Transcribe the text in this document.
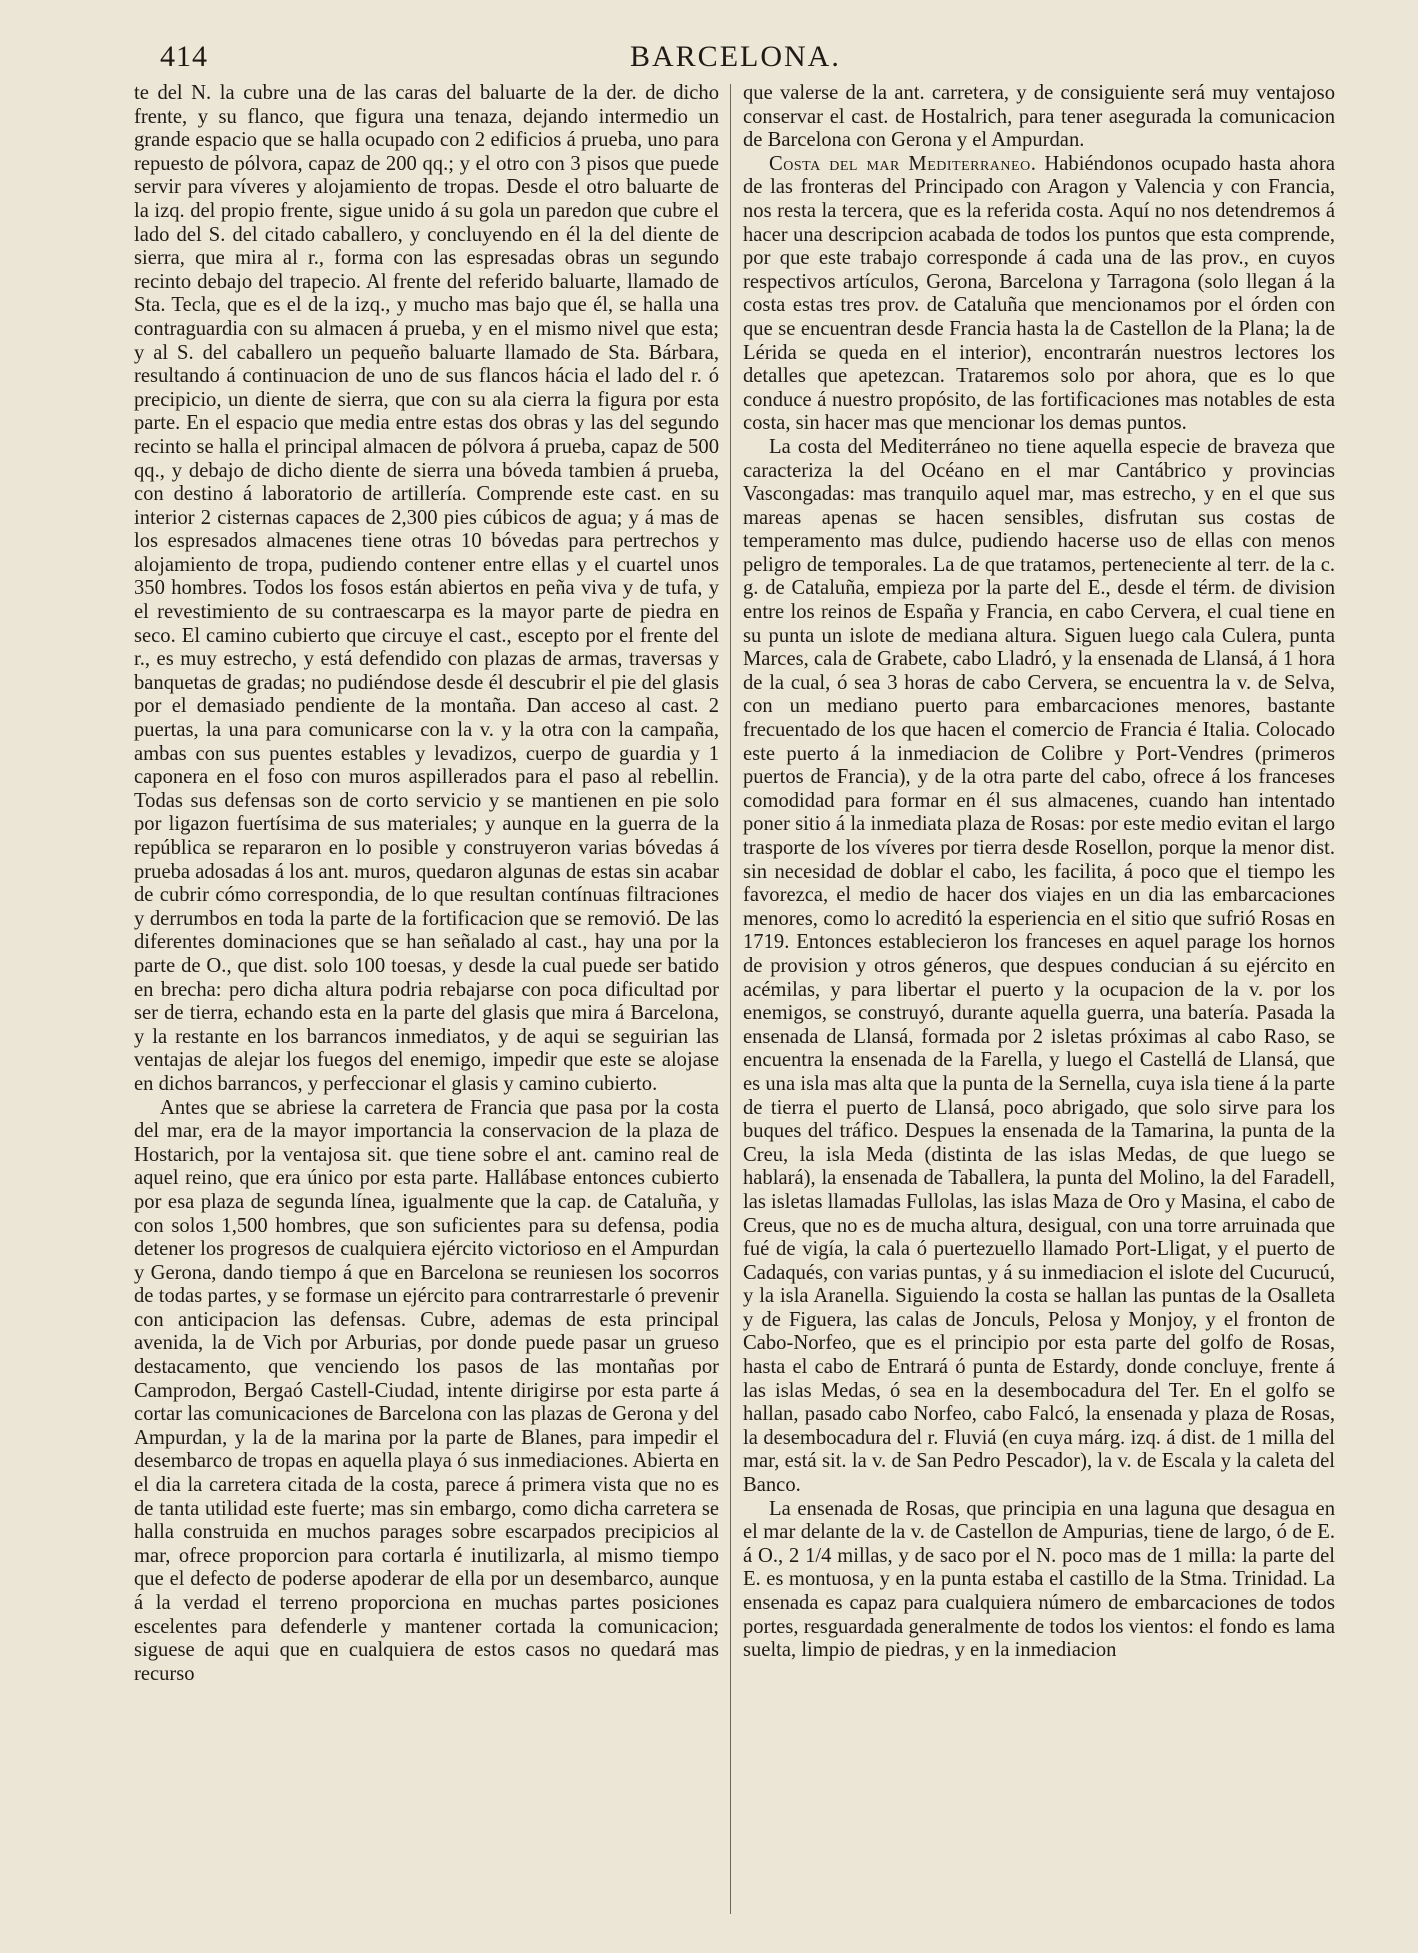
414	BARCELONA.

te del N. la cubre una de las caras del baluarte de la der. de dicho frente, y su flanco, que figura una tenaza, dejando intermedio un grande espacio que se halla ocupado con 2 edificios á prueba, uno para repuesto de pólvora, capaz de 200 qq.; y el otro con 3 pisos que puede servir para víveres y alojamiento de tropas. Desde el otro baluarte de la izq. del propio frente, sigue unido á su gola un paredon que cubre el lado del S. del citado caballero, y concluyendo en él la del diente de sierra, que mira al r., forma con las espresadas obras un segundo recinto debajo del trapecio. Al frente del referido baluarte, llamado de Sta. Tecla, que es el de la izq., y mucho mas bajo que él, se halla una contraguardia con su almacen á prueba, y en el mismo nivel que esta; y al S. del caballero un pequeño baluarte llamado de Sta. Bárbara, resultando á continuacion de uno de sus flancos hácia el lado del r. ó precipicio, un diente de sierra, que con su ala cierra la figura por esta parte. En el espacio que media entre estas dos obras y las del segundo recinto se halla el principal almacen de pólvora á prueba, capaz de 500 qq., y debajo de dicho diente de sierra una bóveda tambien á prueba, con destino á laboratorio de artillería. Comprende este cast. en su interior 2 cisternas capaces de 2,300 pies cúbicos de agua; y á mas de los espresados almacenes tiene otras 10 bóvedas para pertrechos y alojamiento de tropa, pudiendo contener entre ellas y el cuartel unos 350 hombres. Todos los fosos están abiertos en peña viva y de tufa, y el revestimiento de su contraescarpa es la mayor parte de piedra en seco. El camino cubierto que circuye el cast., escepto por el frente del r., es muy estrecho, y está defendido con plazas de armas, traversas y banquetas de gradas; no pudiéndose desde él descubrir el pie del glasis por el demasiado pendiente de la montaña. Dan acceso al cast. 2 puertas, la una para comunicarse con la v. y la otra con la campaña, ambas con sus puentes estables y levadizos, cuerpo de guardia y 1 caponera en el foso con muros aspillerados para el paso al rebellin. Todas sus defensas son de corto servicio y se mantienen en pie solo por ligazon fuertísima de sus materiales; y aunque en la guerra de la república se repararon en lo posible y construyeron varias bóvedas á prueba adosadas á los ant. muros, quedaron algunas de estas sin acabar de cubrir cómo correspondia, de lo que resultan contínuas filtraciones y derrumbos en toda la parte de la fortificacion que se removió. De las diferentes dominaciones que se han señalado al cast., hay una por la parte de O., que dist. solo 100 toesas, y desde la cual puede ser batido en brecha: pero dicha altura podria rebajarse con poca dificultad por ser de tierra, echando esta en la parte del glasis que mira á Barcelona, y la restante en los barrancos inmediatos, y de aqui se seguirian las ventajas de alejar los fuegos del enemigo, impedir que este se alojase en dichos barrancos, y perfeccionar el glasis y camino cubierto.

Antes que se abriese la carretera de Francia que pasa por la costa del mar, era de la mayor importancia la conservacion de la plaza de Hostarich, por la ventajosa sit. que tiene sobre el ant. camino real de aquel reino, que era único por esta parte. Hallábase entonces cubierto por esa plaza de segunda línea, igualmente que la cap. de Cataluña, y con solos 1,500 hombres, que son suficientes para su defensa, podia detener los progresos de cualquiera ejército victorioso en el Ampurdan y Gerona, dando tiempo á que en Barcelona se reuniesen los socorros de todas partes, y se formase un ejército para contrarrestarle ó prevenir con anticipacion las defensas. Cubre, ademas de esta principal avenida, la de Vich por Arburias, por donde puede pasar un grueso destacamento, que venciendo los pasos de las montañas por Camprodon, Bergaó Castell-Ciudad, intente dirigirse por esta parte á cortar las comunicaciones de Barcelona con las plazas de Gerona y del Ampurdan, y la de la marina por la parte de Blanes, para impedir el desembarco de tropas en aquella playa ó sus inmediaciones. Abierta en el dia la carretera citada de la costa, parece á primera vista que no es de tanta utilidad este fuerte; mas sin embargo, como dicha carretera se halla construida en muchos parages sobre escarpados precipicios al mar, ofrece proporcion para cortarla é inutilizarla, al mismo tiempo que el defecto de poderse apoderar de ella por un desembarco, aunque á la verdad el terreno proporciona en muchas partes posiciones escelentes para defenderle y mantener cortada la comunicacion; siguese de aqui que en cualquiera de estos casos no quedará mas recurso

que valerse de la ant. carretera, y de consiguiente será muy ventajoso conservar el cast. de Hostalrich, para tener asegurada la comunicacion de Barcelona con Gerona y el Ampurdan.

Costa del mar Mediterraneo. Habiéndonos ocupado hasta ahora de las fronteras del Principado con Aragon y Valencia y con Francia, nos resta la tercera, que es la referida costa. Aquí no nos detendremos á hacer una descripcion acabada de todos los puntos que esta comprende, por que este trabajo corresponde á cada una de las prov., en cuyos respectivos artículos, Gerona, Barcelona y Tarragona (solo llegan á la costa estas tres prov. de Cataluña que mencionamos por el órden con que se encuentran desde Francia hasta la de Castellon de la Plana; la de Lérida se queda en el interior), encontrarán nuestros lectores los detalles que apetezcan. Trataremos solo por ahora, que es lo que conduce á nuestro propósito, de las fortificaciones mas notables de esta costa, sin hacer mas que mencionar los demas puntos.

La costa del Mediterráneo no tiene aquella especie de braveza que caracteriza la del Océano en el mar Cantábrico y provincias Vascongadas: mas tranquilo aquel mar, mas estrecho, y en el que sus mareas apenas se hacen sensibles, disfrutan sus costas de temperamento mas dulce, pudiendo hacerse uso de ellas con menos peligro de temporales. La de que tratamos, perteneciente al terr. de la c. g. de Cataluña, empieza por la parte del E., desde el térm. de division entre los reinos de España y Francia, en cabo Cervera, el cual tiene en su punta un islote de mediana altura. Siguen luego cala Culera, punta Marces, cala de Grabete, cabo Lladró, y la ensenada de Llansá, á 1 hora de la cual, ó sea 3 horas de cabo Cervera, se encuentra la v. de Selva, con un mediano puerto para embarcaciones menores, bastante frecuentado de los que hacen el comercio de Francia é Italia. Colocado este puerto á la inmediacion de Colibre y Port-Vendres (primeros puertos de Francia), y de la otra parte del cabo, ofrece á los franceses comodidad para formar en él sus almacenes, cuando han intentado poner sitio á la inmediata plaza de Rosas: por este medio evitan el largo trasporte de los víveres por tierra desde Rosellon, porque la menor dist. sin necesidad de doblar el cabo, les facilita, á poco que el tiempo les favorezca, el medio de hacer dos viajes en un dia las embarcaciones menores, como lo acreditó la esperiencia en el sitio que sufrió Rosas en 1719. Entonces establecieron los franceses en aquel parage los hornos de provision y otros géneros, que despues conducian á su ejército en acémilas, y para libertar el puerto y la ocupacion de la v. por los enemigos, se construyó, durante aquella guerra, una batería. Pasada la ensenada de Llansá, formada por 2 isletas próximas al cabo Raso, se encuentra la ensenada de la Farella, y luego el Castellá de Llansá, que es una isla mas alta que la punta de la Sernella, cuya isla tiene á la parte de tierra el puerto de Llansá, poco abrigado, que solo sirve para los buques del tráfico. Despues la ensenada de la Tamarina, la punta de la Creu, la isla Meda (distinta de las islas Medas, de que luego se hablará), la ensenada de Taballera, la punta del Molino, la del Faradell, las isletas llamadas Fullolas, las islas Maza de Oro y Masina, el cabo de Creus, que no es de mucha altura, desigual, con una torre arruinada que fué de vigía, la cala ó puertezuello llamado Port-Lligat, y el puerto de Cadaqués, con varias puntas, y á su inmediacion el islote del Cucurucú, y la isla Aranella. Siguiendo la costa se hallan las puntas de la Osalleta y de Figuera, las calas de Jonculs, Pelosa y Monjoy, y el fronton de Cabo-Norfeo, que es el principio por esta parte del golfo de Rosas, hasta el cabo de Entrará ó punta de Estardy, donde concluye, frente á las islas Medas, ó sea en la desembocadura del Ter. En el golfo se hallan, pasado cabo Norfeo, cabo Falcó, la ensenada y plaza de Rosas, la desembocadura del r. Fluviá (en cuya márg. izq. á dist. de 1 milla del mar, está sit. la v. de San Pedro Pescador), la v. de Escala y la caleta del Banco.

La ensenada de Rosas, que principia en una laguna que desagua en el mar delante de la v. de Castellon de Ampurias, tiene de largo, ó de E. á O., 2 1/4 millas, y de saco por el N. poco mas de 1 milla: la parte del E. es montuosa, y en la punta estaba el castillo de la Stma. Trinidad. La ensenada es capaz para cualquiera número de embarcaciones de todos portes, resguardada generalmente de todos los vientos: el fondo es lama suelta, limpio de piedras, y en la inmediacion
